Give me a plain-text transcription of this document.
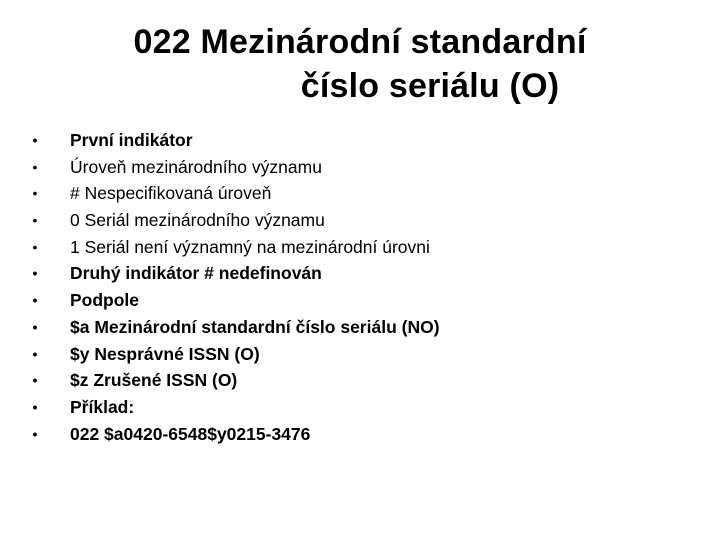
022 Mezinárodní standardní
číslo seriálu (O)
• První indikátor
• Úroveň mezinárodního významu
• # Nespecifikovaná úroveň
• 0 Seriál mezinárodního významu
• 1 Seriál není významný na mezinárodní úrovni
• Druhý indikátor # nedefinován
• Podpole
• $a Mezinárodní standardní číslo seriálu (NO)
• $y Nesprávné ISSN (O)
• $z Zrušené ISSN (O)
• Příklad:
• 022 $a0420-6548$y0215-3476
